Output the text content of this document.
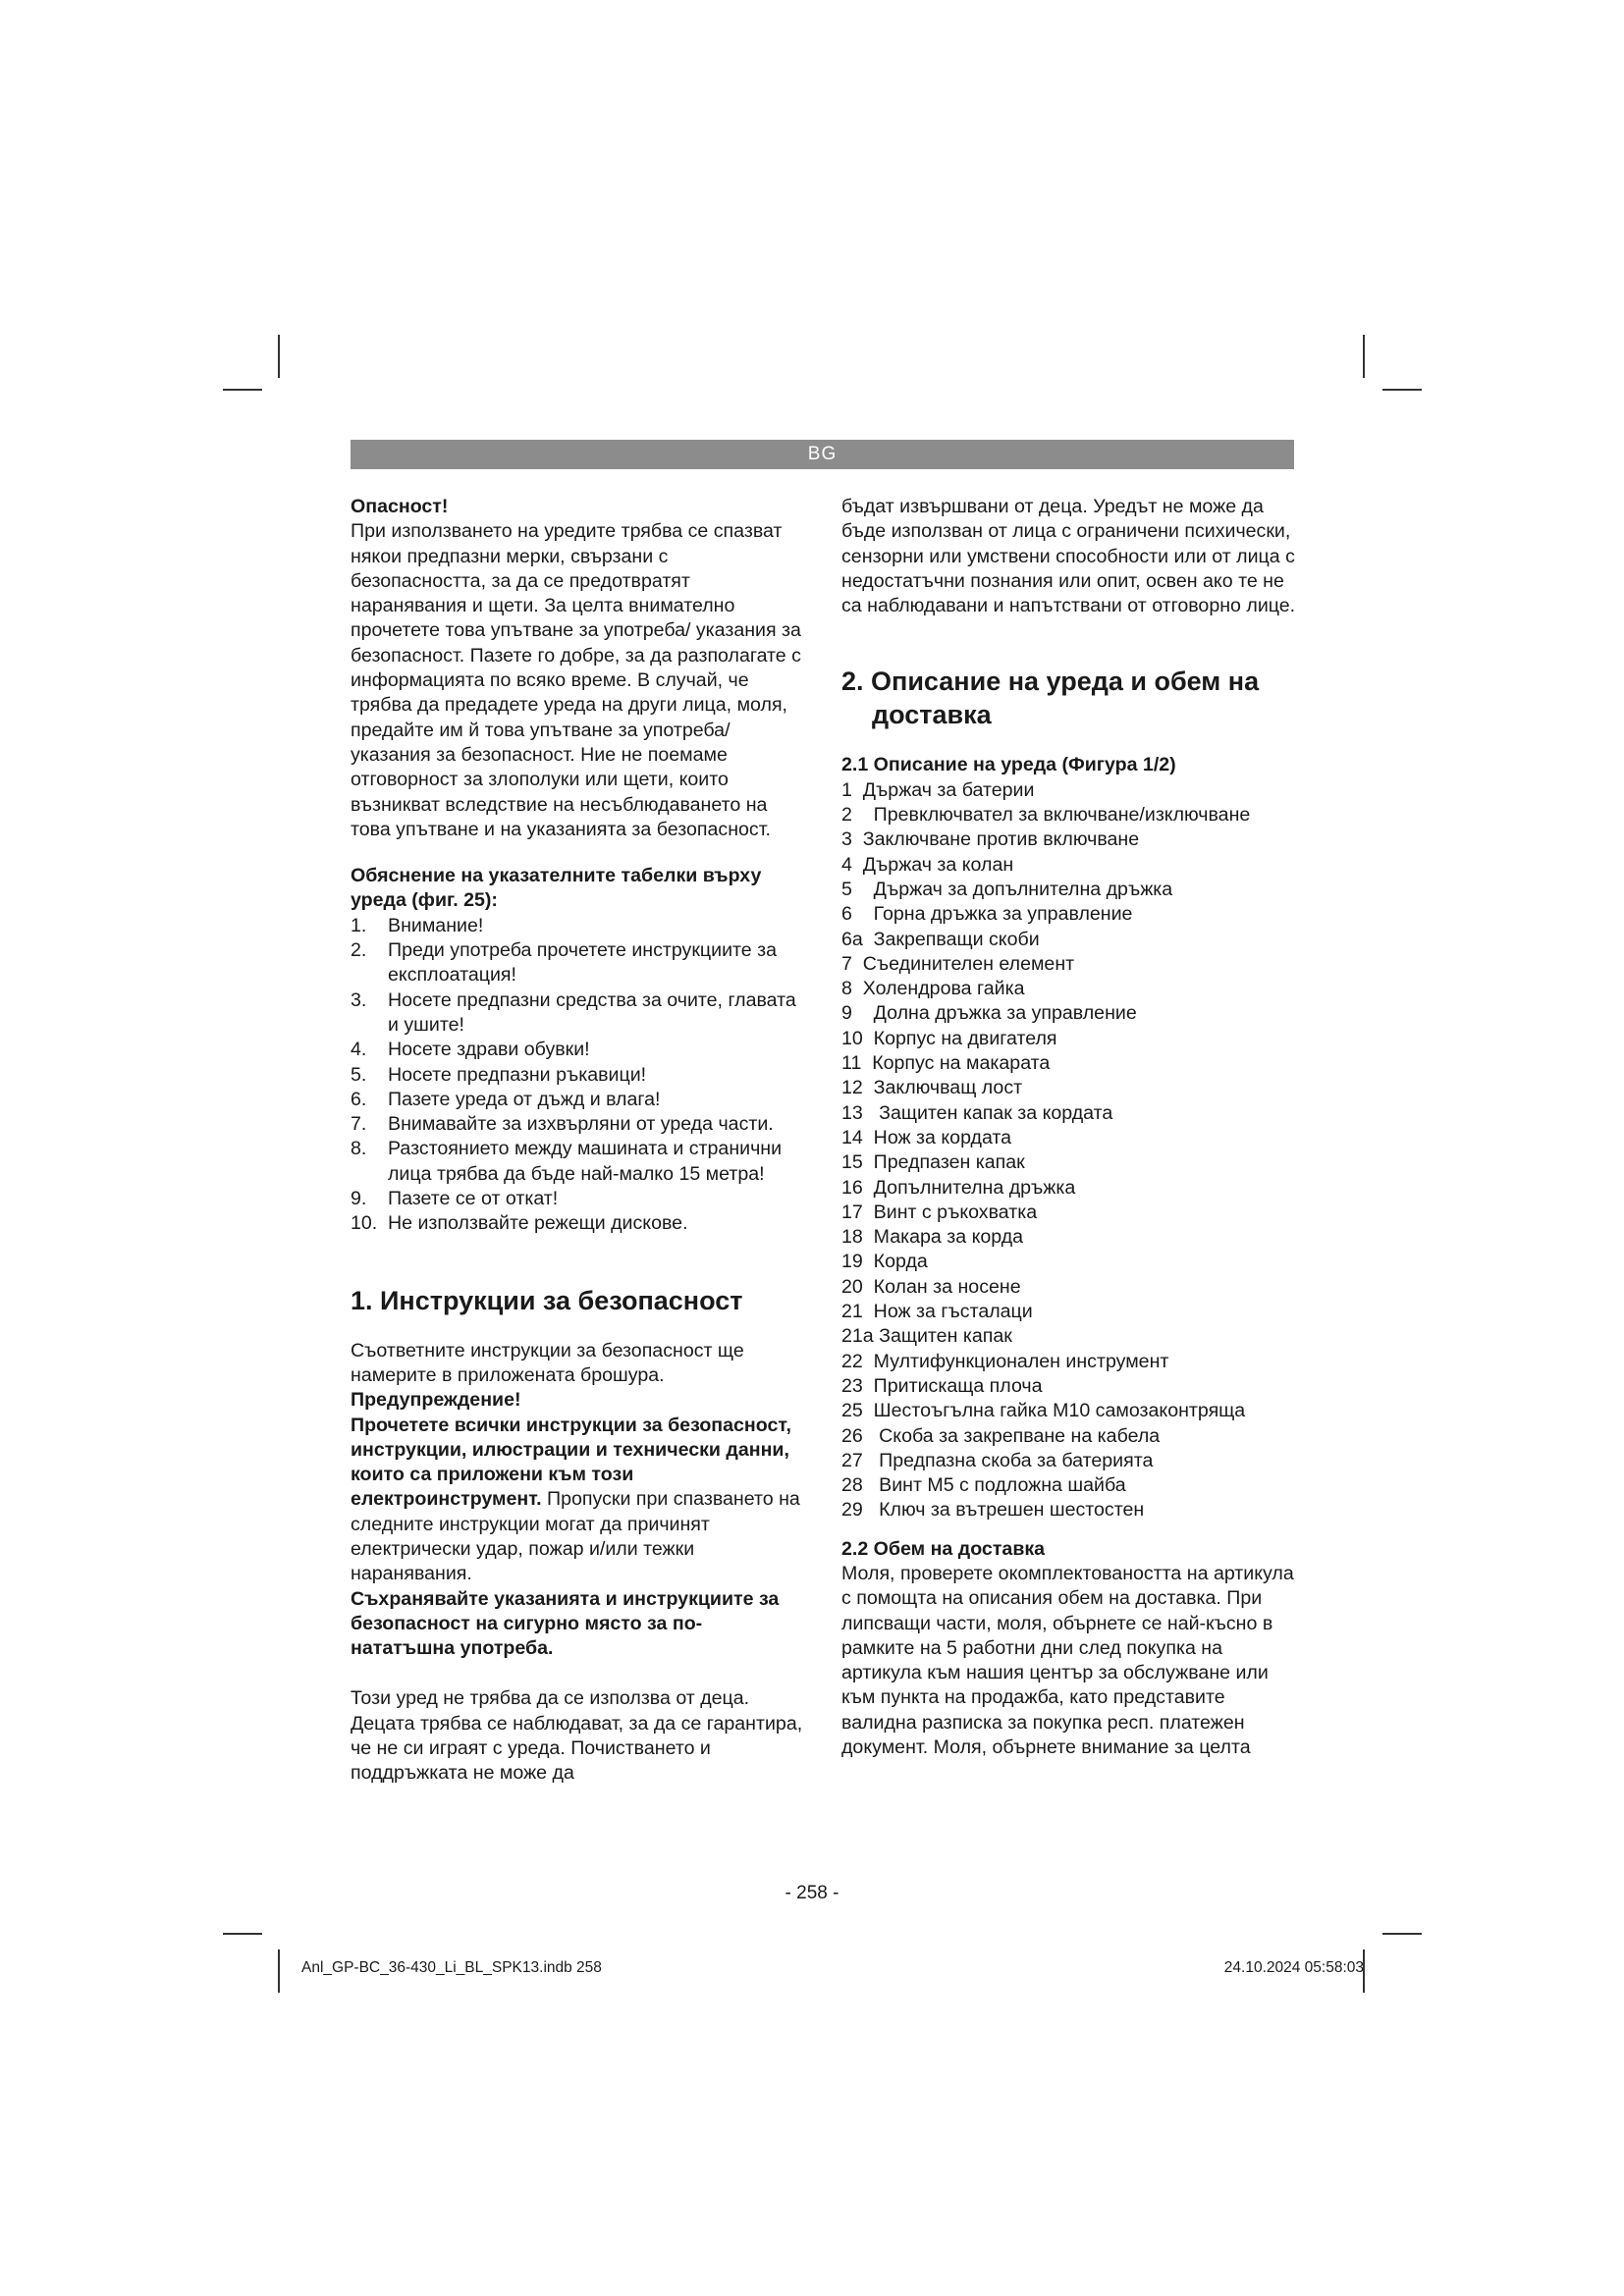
BG

Опасност!

При използването на уредите трябва се спазват някои предпазни мерки, свързани с безопасността, за да се предотвратят наранявания и щети. За целта внимателно прочетете това упътване за употреба/ указания за безопасност. Пазете го добре, за да разполагате с информацията по всяко време. В случай, че трябва да предадете уреда на други лица, моля, предайте им й това упътване за употреба/указания за безопасност. Ние не поемаме отговорност за злополуки или щети, които възникват вследствие на несъблюдаването на това упътване и на указанията за безопасност.

Обяснение на указателните табелки върху уреда (фиг. 25):

1.	Внимание!
2.	Преди употреба прочетете инструкциите за експлоатация!
3.	Носете предпазни средства за очите, главата и ушите!
4.	Носете здрави обувки!
5.	Носете предпазни ръкавици!
6.	Пазете уреда от дъжд и влага!
7.	Внимавайте за изхвърляни от уреда части.
8.	Разстоянието между машината и странични лица трябва да бъде най-малко 15 метра!
9.	Пазете се от откат!
10. Не използвайте режещи дискове.

1. Инструкции за безопасност

Съответните инструкции за безопасност ще намерите в приложената брошура.

Предупреждение!

Прочетете всички инструкции за безопасност, инструкции, илюстрации и технически данни, които са приложени към този електроинструмент. Пропуски при спазването на следните инструкции могат да причинят електрически удар, пожар и/или тежки наранявания.

Съхранявайте указанията и инструкциите за безопасност на сигурно място за по-нататъшна употреба.

Този уред не трябва да се използва от деца. Децата трябва се наблюдават, за да се гарантира, че не си играят с уреда. Почистването и поддръжката не може да

бъдат извършвани от деца. Уредът не може да бъде използван от лица с ограничени психически, сензорни или умствени способности или от лица с недостатъчни познания или опит, освен ако те не са наблюдавани и напътствани от отговорно лице.

2. Описание на уреда и обем на доставка

2.1 Описание на уреда (Фигура 1/2)

1  Държач за батерии
2    Превключвател за включване/изключване
3  Заключване против включване
4  Държач за колан
5    Държач за допълнителна дръжка
6    Горна дръжка за управление
6a  Закрепващи скоби
7  Съединителен елемент
8  Холендрова гайка
9    Долна дръжка за управление
10  Корпус на двигателя
11  Корпус на макарата
12  Заключващ лост
13   Защитен капак за кордата
14  Нож за кордата
15  Предпазен капак
16  Допълнителна дръжка
17  Винт с ръкохватка
18  Макара за корда
19  Корда
20  Колан за носене
21  Нож за гъсталаци
21a Защитен капак
22  Мултифункционален инструмент
23  Притискаща плоча
25  Шестоъгълна гайка M10 самозаконтряща
26   Скоба за закрепване на кабела
27   Предпазна скоба за батерията
28   Винт M5 с подложна шайба
29   Ключ за вътрешен шестостен

2.2 Обем на доставка

Моля, проверете окомплектоваността на артикула с помощта на описания обем на доставка. При липсващи части, моля, обърнете се най-късно в рамките на 5 работни дни след покупка на артикула към нашия център за обслужване или към пункта на продажба, като представите валидна разписка за покупка респ. платежен документ. Моля, обърнете внимание за целта

- 258 -
Anl_GP-BC_36-430_Li_BL_SPK13.indb 258	24.10.2024 05:58:03
